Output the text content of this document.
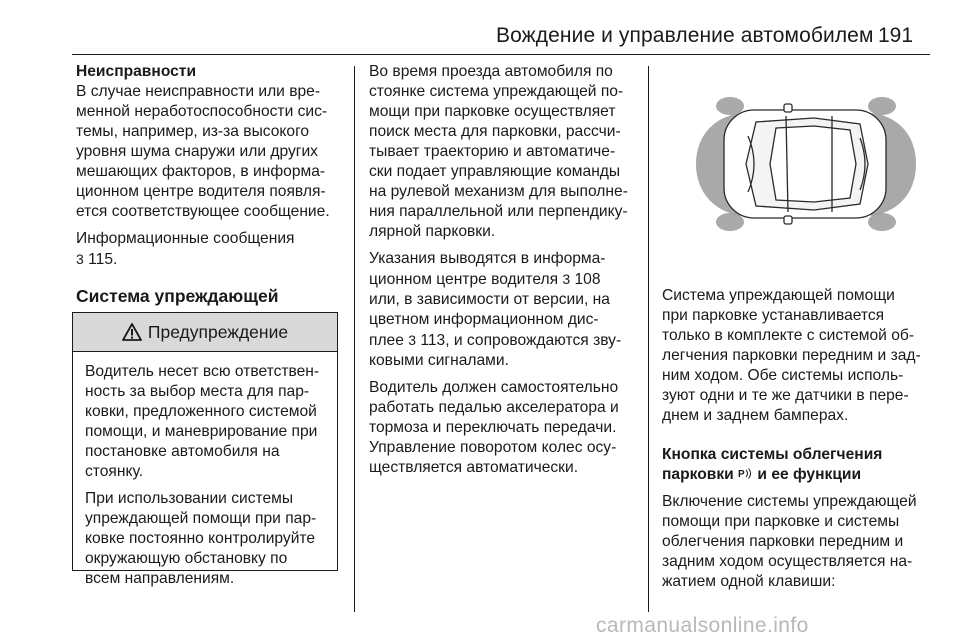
Вождение и управление автомобилем 191

Неисправности

В случае неисправности или вре-

менной неработоспособности сис-

темы, например, из-за высокого

уровня шума снаружи или других

мешающих факторов, в информа-

ционном центре водителя появля-

ется соответствующее сообщение.

Информационные сообщения

3 115.

Система упреждающей

Предупреждение

Водитель несет всю ответствен-

ность за выбор места для пар-

ковки, предложенного системой

помощи, и маневрирование при

постановке автомобиля на

стоянку.

При использовании системы

упреждающей помощи при пар-

ковке постоянно контролируйте

окружающую обстановку по

всем направлениям.

Во время проезда автомобиля по

стоянке система упреждающей по-

мощи при парковке осуществляет

поиск места для парковки, рассчи-

тывает траекторию и автоматиче-

ски подает управляющие команды

на рулевой механизм для выполне-

ния параллельной или перпендику-

лярной парковки.

Указания выводятся в информа-

ционном центре водителя 3 108

или, в зависимости от версии, на

цветном информационном дис-

плее 3 113, и сопровождаются зву-

ковыми сигналами.

Водитель должен самостоятельно

работать педалью акселератора и

тормоза и переключать передачи.

Управление поворотом колес осу-

ществляется автоматически.

Система упреждающей помощи

при парковке устанавливается

только в комплекте с системой об-

легчения парковки передним и зад-

ним ходом. Обе системы исполь-

зуют одни и те же датчики в пере-

днем и заднем бамперах.

Кнопка системы облегчения

парковки P и ее функции

Включение системы упреждающей

помощи при парковке и системы

облегчения парковки передним и

задним ходом осуществляется на-

жатием одной клавиши:

carmanualsonline.info
